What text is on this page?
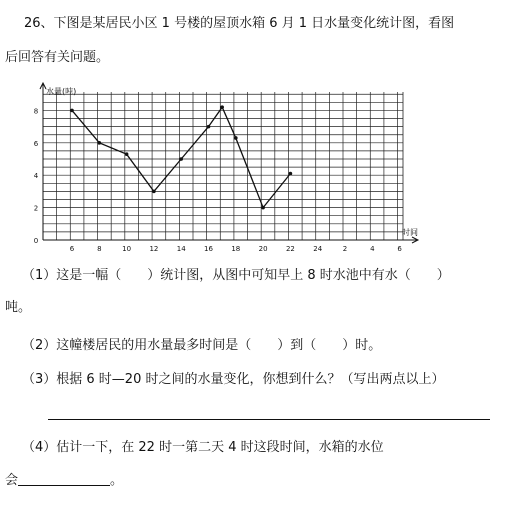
26、下图是某居民小区 1 号楼的屋顶水箱 6 月 1 日水量变化统计图，看图
后回答有关问题。
0
2
4
6
8
6	8	10	12	14	16	18	20	22	24	2	4	6
水量(吨)
时间
（1）这是一幅（　　）统计图，从图中可知早上 8 时水池中有水（　　）
吨。
（2）这幢楼居民的用水量最多时间是（　　）到（　　）时。
（3）根据 6 时—20 时之间的水量变化，你想到什么？（写出两点以上）
（4）估计一下，在 22 时一第二天 4 时这段时间，水箱的水位
会	。
